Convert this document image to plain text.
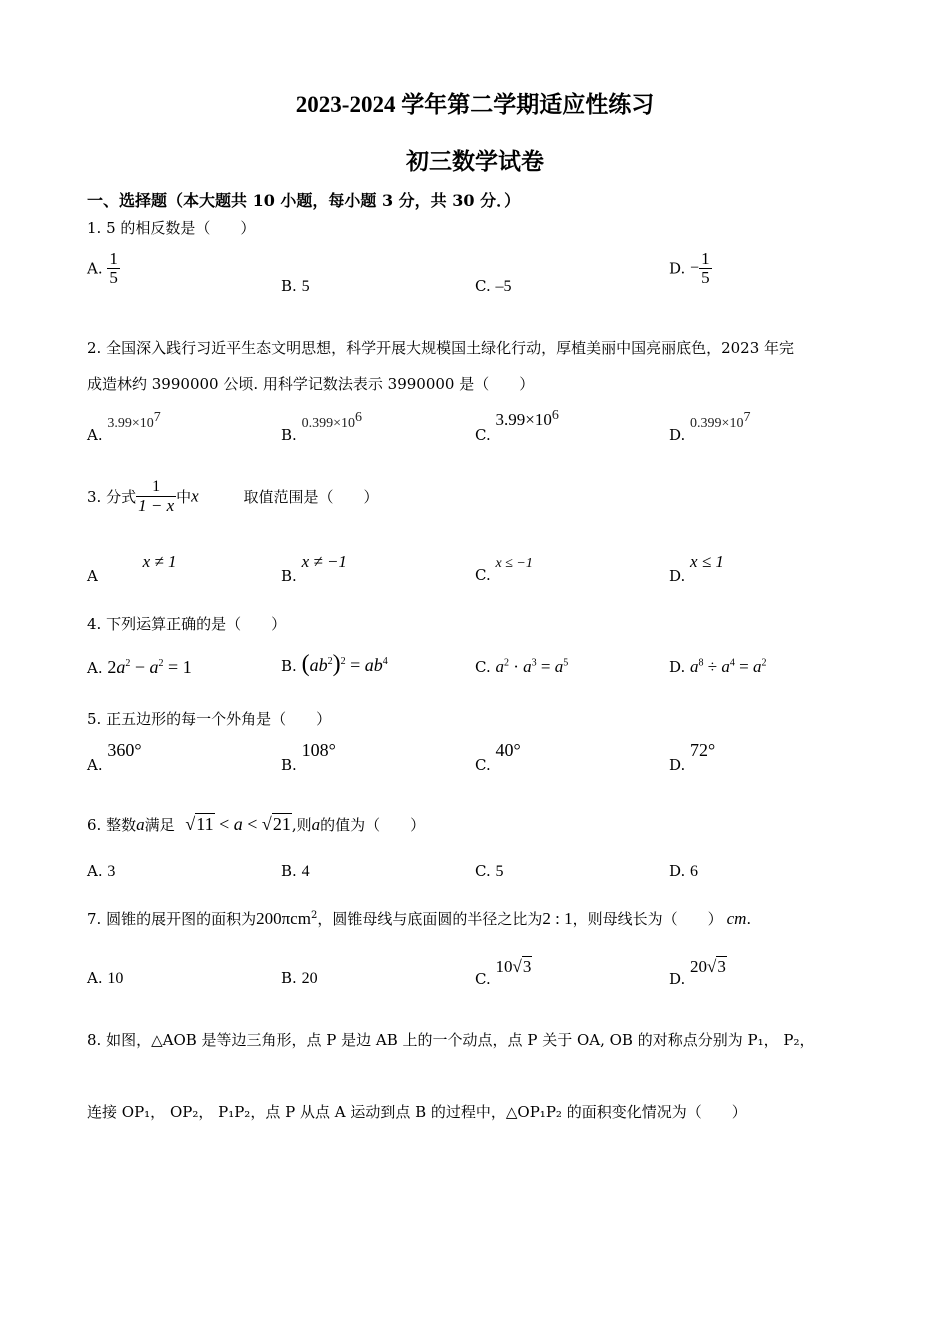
2023-2024 学年第二学期适应性练习
初三数学试卷
一、选择题（本大题共 10 小题，每小题 3 分，共 30 分．）
1. 5 的相反数是（　　）
A. $\frac{1}{5}$	B. 5	C. –5
D. − $\frac{1}{5}$
2. 全国深入践行习近平生态文明思想，科学开展大规模国土绿化行动，厚植美丽中国亮丽底色，2023 年完
成造林约 3990000 公顷. 用科学记数法表示 3990000 是（　　）
A. $3.99\times 10^7$
B. $0.399\times 10^6$
C. $3.99\times 10^6$
D. $0.399\times 10^7$
3. 分式 $\frac{1}{1 - x}$ 中x	取值范围是（　　）
A x ≠ 1
B. x ≠ −1
C. x ≤ −1
D. x ≤ 1
4. 下列运算正确的是（　　）
A. $2a^2 - a^2 = 1$	B. $(ab^2)^2 = ab^4$	C. $a^2 \cdot a^3 = a^5$	D. $a^8 \div a^4 = a^2$
5. 正五边形的每一个外角是（　　）
A. 360°
B. 108°
C. 40°
D. 72°
6. 整数a满足 √11 < a < √21,则a的值为（　　）
A. 3	B. 4	C. 5	D. 6
7. 圆锥的展开图的面积为200πcm$^2$，圆锥母线与底面圆的半径之比为2 : 1，则母线长为（　　） cm.
A. 10	B. 20	C. 10√3
D. 20√3
8. 如图，△AOB 是等边三角形，点 P 是边 AB 上的一个动点，点 P 关于 OA, OB 的对称点分别为 P₁， P₂，
连接 OP₁， OP₂， P₁P₂，点 P 从点 A 运动到点 B 的过程中，△OP₁P₂ 的面积变化情况为（　　）
